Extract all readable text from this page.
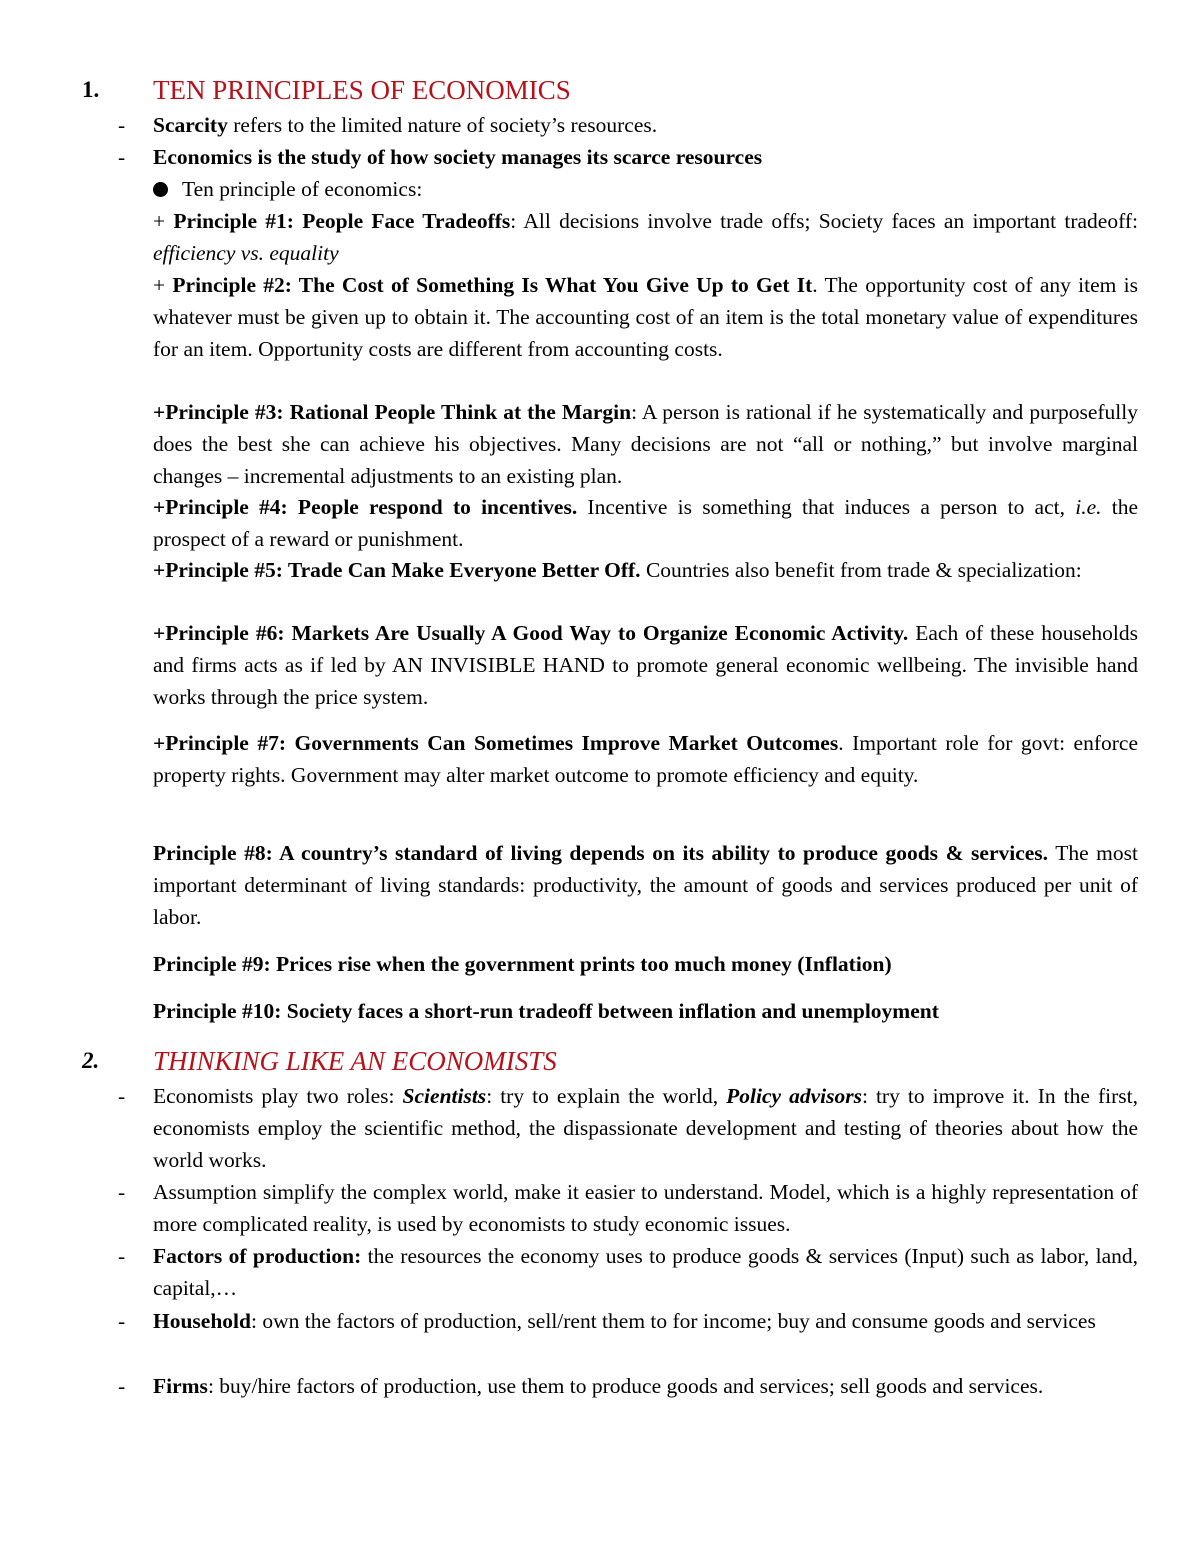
1. TEN PRINCIPLES OF ECONOMICS
- Scarcity refers to the limited nature of society’s resources.
- Economics is the study of how society manages its scarce resources
Ten principle of economics:
+ Principle #1: People Face Tradeoffs: All decisions involve trade offs; Society faces an important tradeoff: efficiency vs. equality
+ Principle #2: The Cost of Something Is What You Give Up to Get It. The opportunity cost of any item is whatever must be given up to obtain it. The accounting cost of an item is the total monetary value of expenditures for an item. Opportunity costs are different from accounting costs.
+Principle #3: Rational People Think at the Margin: A person is rational if he systematically and purposefully does the best she can achieve his objectives. Many decisions are not “all or nothing,” but involve marginal changes – incremental adjustments to an existing plan.
+Principle #4: People respond to incentives. Incentive is something that induces a person to act, i.e. the prospect of a reward or punishment.
+Principle #5: Trade Can Make Everyone Better Off. Countries also benefit from trade & specialization:
+Principle #6: Markets Are Usually A Good Way to Organize Economic Activity. Each of these households and firms acts as if led by AN INVISIBLE HAND to promote general economic wellbeing. The invisible hand works through the price system.
+Principle #7: Governments Can Sometimes Improve Market Outcomes. Important role for govt: enforce property rights. Government may alter market outcome to promote efficiency and equity.
Principle #8: A country’s standard of living depends on its ability to produce goods & services. The most important determinant of living standards: productivity, the amount of goods and services produced per unit of labor.
Principle #9: Prices rise when the government prints too much money (Inflation)
Principle #10: Society faces a short-run tradeoff between inflation and unemployment
2. THINKING LIKE AN ECONOMISTS
- Economists play two roles: Scientists: try to explain the world, Policy advisors: try to improve it. In the first, economists employ the scientific method, the dispassionate development and testing of theories about how the world works.
- Assumption simplify the complex world, make it easier to understand. Model, which is a highly representation of more complicated reality, is used by economists to study economic issues.
- Factors of production: the resources the economy uses to produce goods & services (Input) such as labor, land, capital,…
- Household: own the factors of production, sell/rent them to for income; buy and consume goods and services
- Firms: buy/hire factors of production, use them to produce goods and services; sell goods and services.
